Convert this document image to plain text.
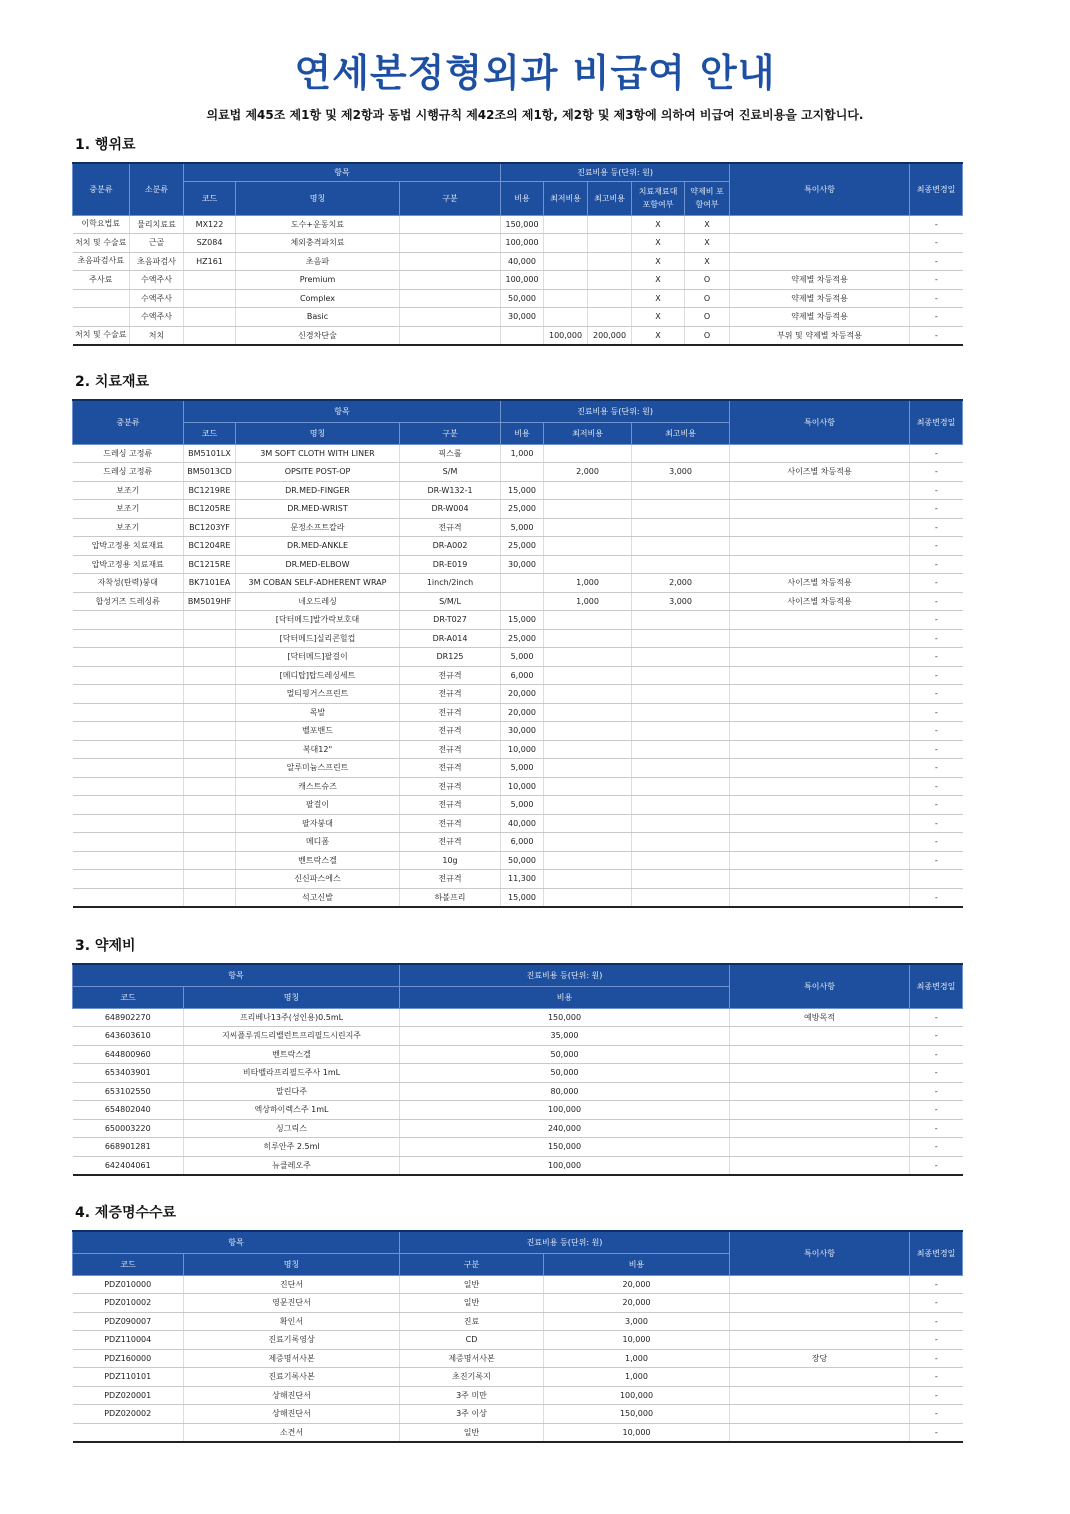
연세본정형외과 비급여 안내

의료법 제45조 제1항 및 제2항과 동법 시행규칙 제42조의 제1항, 제2항 및 제3항에 의하여 비급여 진료비용을 고지합니다.

1. 행위료
중분류	소분류	항목			진료비용 등(단위: 원)					특이사항	최종변경일
		코드	명칭	구분	비용	최저비용	최고비용	치료재료대 포함여부	약제비 포함여부		
이학요법료	물리치료료	MX122	도수+운동치료		150,000			X	X		-
처치 및 수술료	근골	SZ084	체외충격파치료		100,000			X	X		-
초음파검사료	초음파검사	HZ161	초음파		40,000			X	X		-
주사료	수액주사		Premium		100,000			X	O	약제별 차등적용	-
	수액주사		Complex		50,000			X	O	약제별 차등적용	-
	수액주사		Basic		30,000			X	O	약제별 차등적용	-
처치 및 수술료	처치		신경차단술			100,000	200,000	X	O	부위 및 약제별 차등적용	-
2. 치료재료
중분류	항목			진료비용 등(단위: 원)			특이사항	최종변경일
	코드	명칭	구분	비용	최저비용	최고비용		
드레싱 고정류	BM5101LX	3M SOFT CLOTH WITH LINER	픽스롤	1,000				-
드레싱 고정류	BM5013CD	OPSITE POST-OP	S/M		2,000	3,000	사이즈별 차등적용	-
보조기	BC1219RE	DR.MED-FINGER	DR-W132-1	15,000				-
보조기	BC1205RE	DR.MED-WRIST	DR-W004	25,000				-
보조기	BC1203YF	문정소프트칼라	전규격	5,000				-
압박고정용 치료재료	BC1204RE	DR.MED-ANKLE	DR-A002	25,000				-
압박고정용 치료재료	BC1215RE	DR.MED-ELBOW	DR-E019	30,000				-
자착성(탄력)붕대	BK7101EA	3M COBAN SELF-ADHERENT WRAP	1inch/2inch		1,000	2,000	사이즈별 차등적용	-
합성거즈 드레싱류	BM5019HF	네오드레싱	S/M/L		1,000	3,000	사이즈별 차등적용	-
		[닥터메드]발가락보호대	DR-T027	15,000				-
		[닥터메드]실리콘힐컵	DR-A014	25,000				-
		[닥터메드]팔걸이	DR125	5,000				-
		[메디탑]탑드레싱세트	전규격	6,000				-
		멀티핑거스프린트	전규격	20,000				-
		목발	전규격	20,000				-
		벨포밴드	전규격	30,000				-
		복대12"	전규격	10,000				-
		알루미늄스프린트	전규격	5,000				-
		캐스트슈즈	전규격	10,000				-
		팔걸이	전규격	5,000				-
		팔자붕대	전규격	40,000				-
		메디폼	전규격	6,000				-
		벤트락스겔	10g	50,000				-
		신신파스에스	전규격	11,300				
		석고신발	하볼프리	15,000				-
3. 약제비
항목		진료비용 등(단위: 원)	특이사항	최종변경일
코드	명칭	비용		
648902270	프리베나13주(성인용)0.5mL	150,000	예방목적	-
643603610	지씨플루쿼드리밸런트프리필드시린지주	35,000		-
644800960	벤트락스겔	50,000		-
653403901	비타벨라프리필드주사 1mL	50,000		-
653102550	말린다주	80,000		-
654802040	엑상하이렉스주 1mL	100,000		-
650003220	싱그릭스	240,000		-
668901281	히루안주 2.5ml	150,000		-
642404061	뉴클레오주	100,000		-
4. 제증명수수료
항목		진료비용 등(단위: 원)		특이사항	최종변경일
코드	명칭	구분	비용		
PDZ010000	진단서	일반	20,000		-
PDZ010002	영문진단서	일반	20,000		-
PDZ090007	확인서	진료	3,000		-
PDZ110004	진료기록영상	CD	10,000		-
PDZ160000	제증명서사본	제증명서사본	1,000	장당	-
PDZ110101	진료기록사본	초진기록지	1,000		-
PDZ020001	상해진단서	3주 미만	100,000		-
PDZ020002	상해진단서	3주 이상	150,000		-
	소견서	일반	10,000		-
